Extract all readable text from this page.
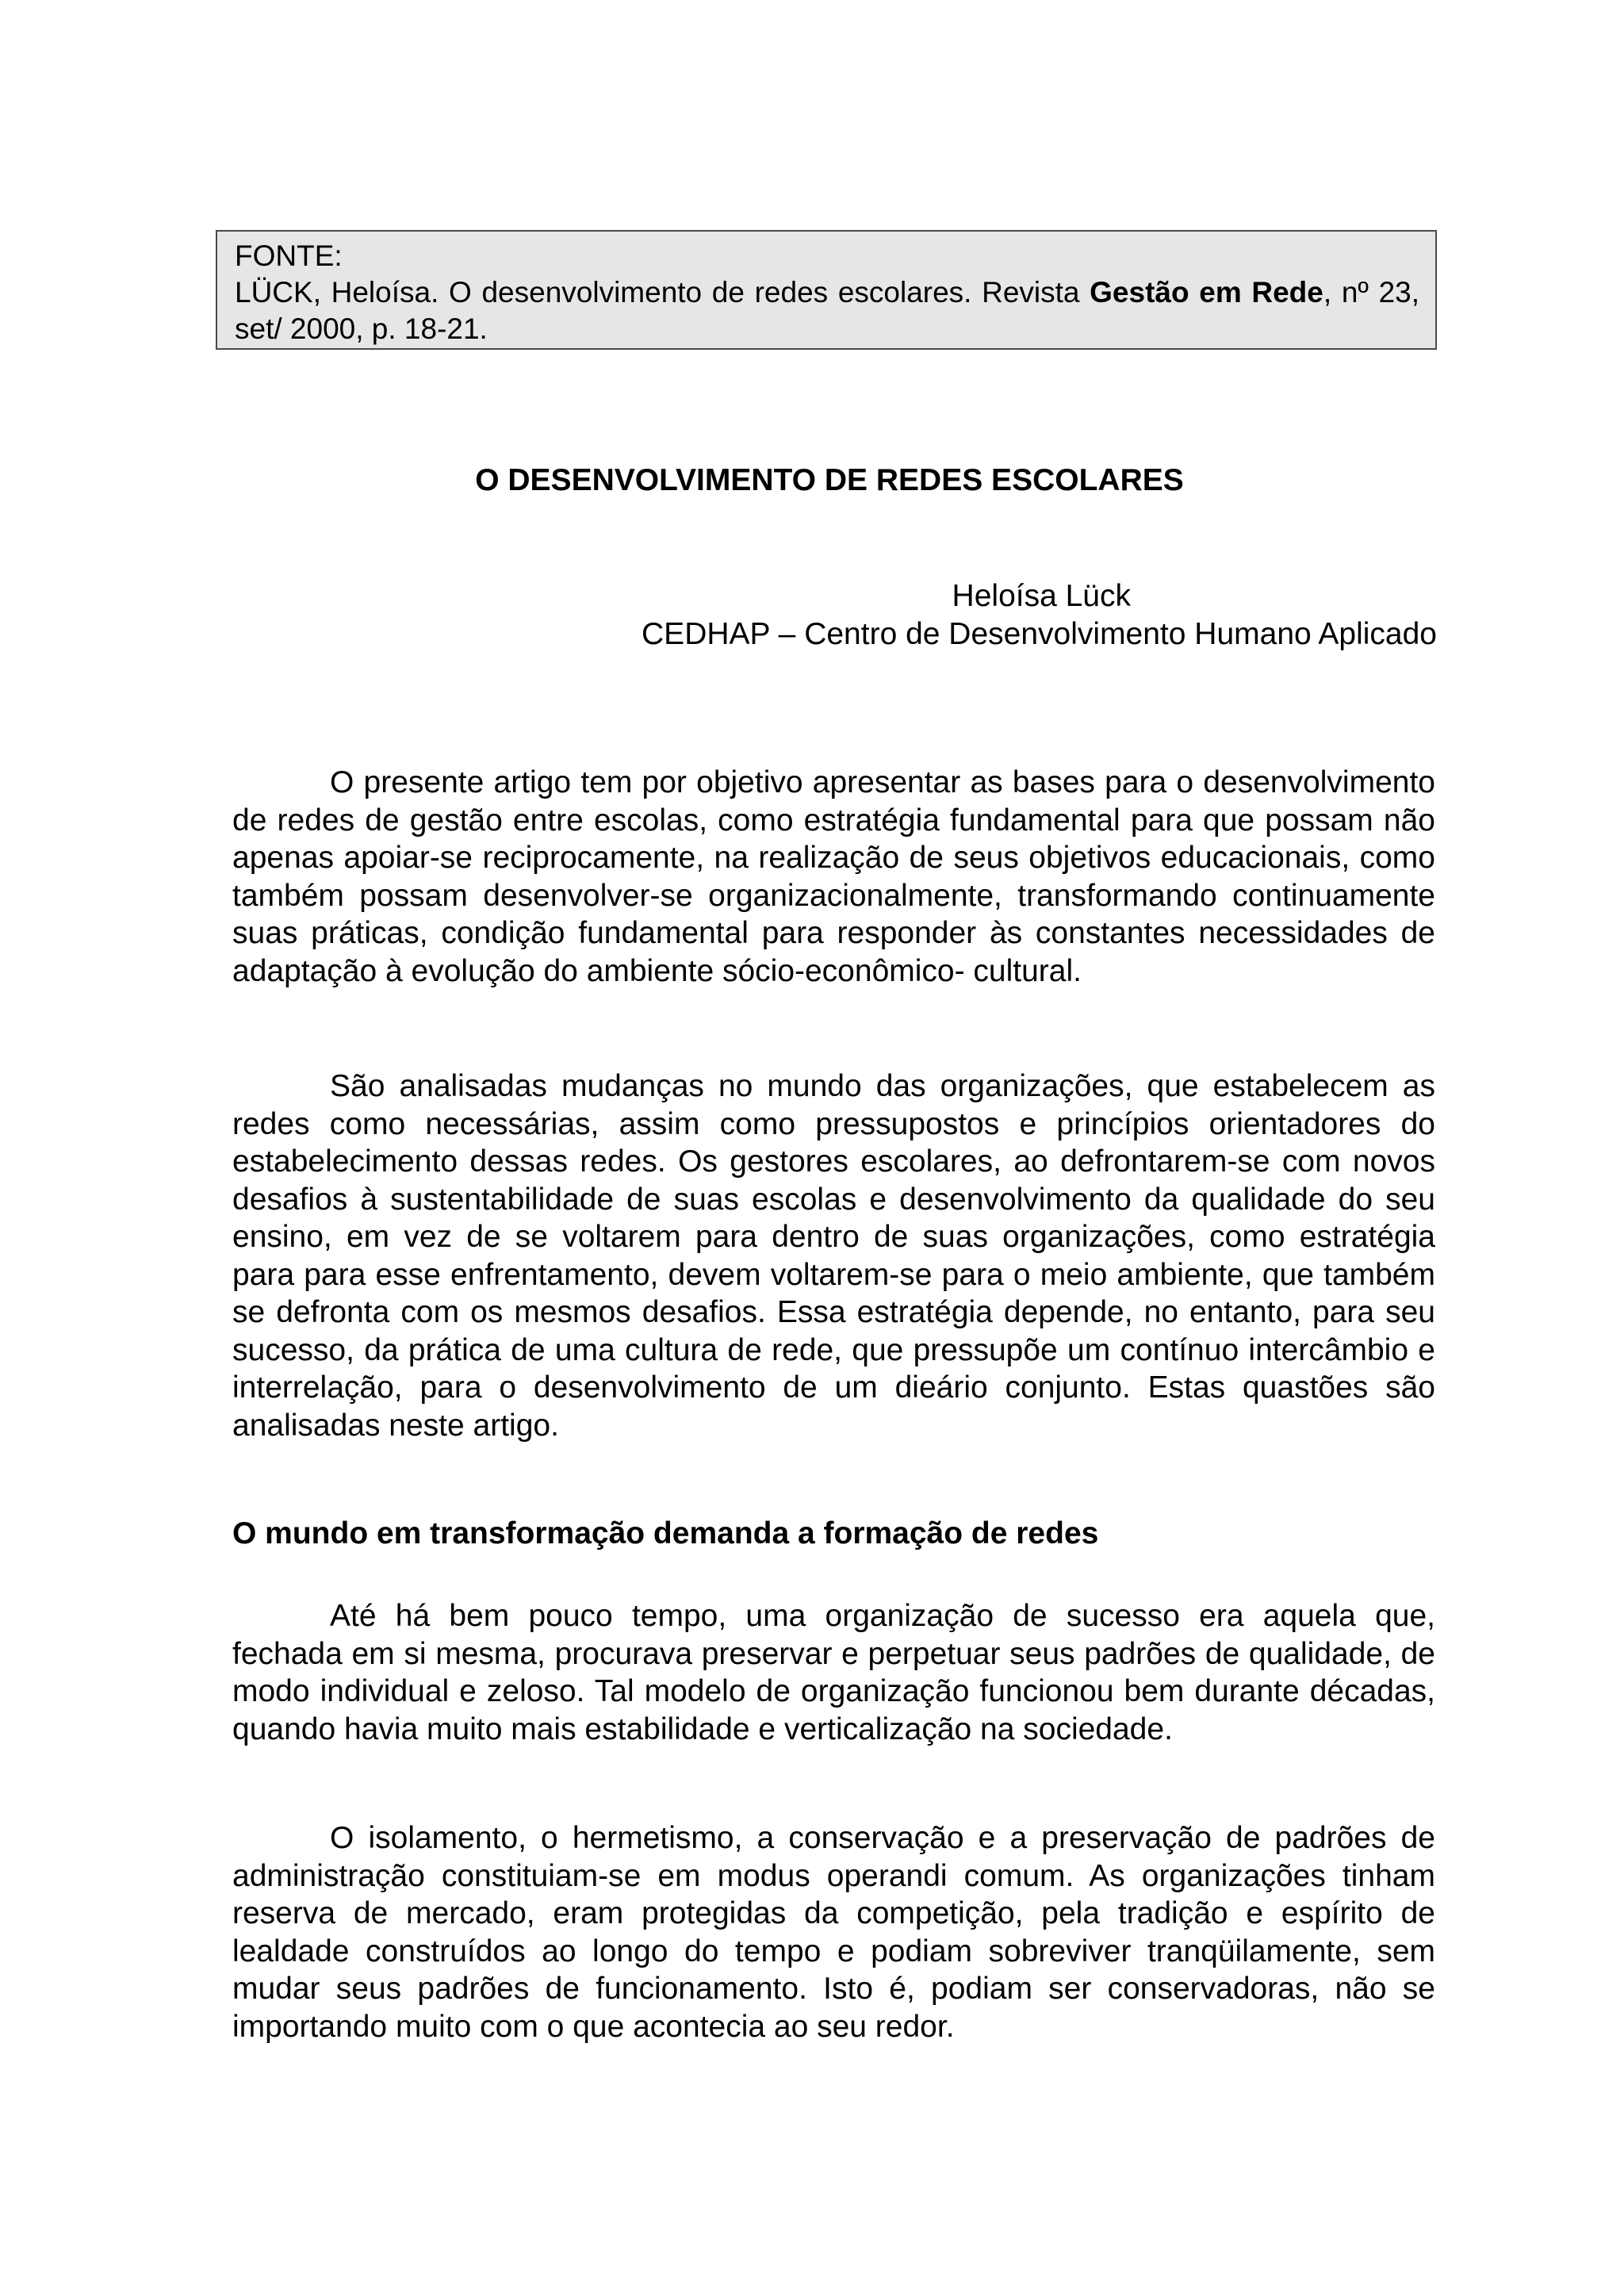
FONTE:
LÜCK, Heloísa. O desenvolvimento de redes escolares. Revista Gestão em Rede, nº 23, set/ 2000, p. 18-21.
O DESENVOLVIMENTO DE REDES ESCOLARES
Heloísa Lück
CEDHAP – Centro de Desenvolvimento Humano Aplicado

O presente artigo tem por objetivo apresentar as bases para o desenvolvimento de redes de gestão entre escolas, como estratégia fundamental para que possam não apenas apoiar-se reciprocamente, na realização de seus objetivos educacionais, como também possam desenvolver-se organizacionalmente, transformando continuamente suas práticas, condição fundamental para responder às constantes necessidades de adaptação à evolução do ambiente sócio-econômico- cultural.

São analisadas mudanças no mundo das organizações, que estabelecem as redes como necessárias, assim como pressupostos e princípios orientadores do estabelecimento dessas redes. Os gestores escolares, ao defrontarem-se com novos desafios à sustentabilidade de suas escolas e desenvolvimento da qualidade do seu ensino, em vez de se voltarem para dentro de suas organizações, como estratégia para para esse enfrentamento, devem voltarem-se para o meio ambiente, que também se defronta com os mesmos desafios. Essa estratégia depende, no entanto, para seu sucesso, da prática de uma cultura de rede, que pressupõe um contínuo intercâmbio e interrelação, para o desenvolvimento de um dieário conjunto. Estas quastões são analisadas neste artigo.

O mundo em transformação demanda a formação de redes

Até há bem pouco tempo, uma organização de sucesso era aquela que, fechada em si mesma, procurava preservar e perpetuar seus padrões de qualidade, de modo individual e zeloso. Tal modelo de organização funcionou bem durante décadas, quando havia muito mais estabilidade e verticalização na sociedade.

O isolamento, o hermetismo, a conservação e a preservação de padrões de administração constituiam-se em modus operandi comum. As organizações tinham reserva de mercado, eram protegidas da competição, pela tradição e espírito de lealdade construídos ao longo do tempo e podiam sobreviver tranqüilamente, sem mudar seus padrões de funcionamento. Isto é, podiam ser conservadoras, não se importando muito com o que acontecia ao seu redor.
